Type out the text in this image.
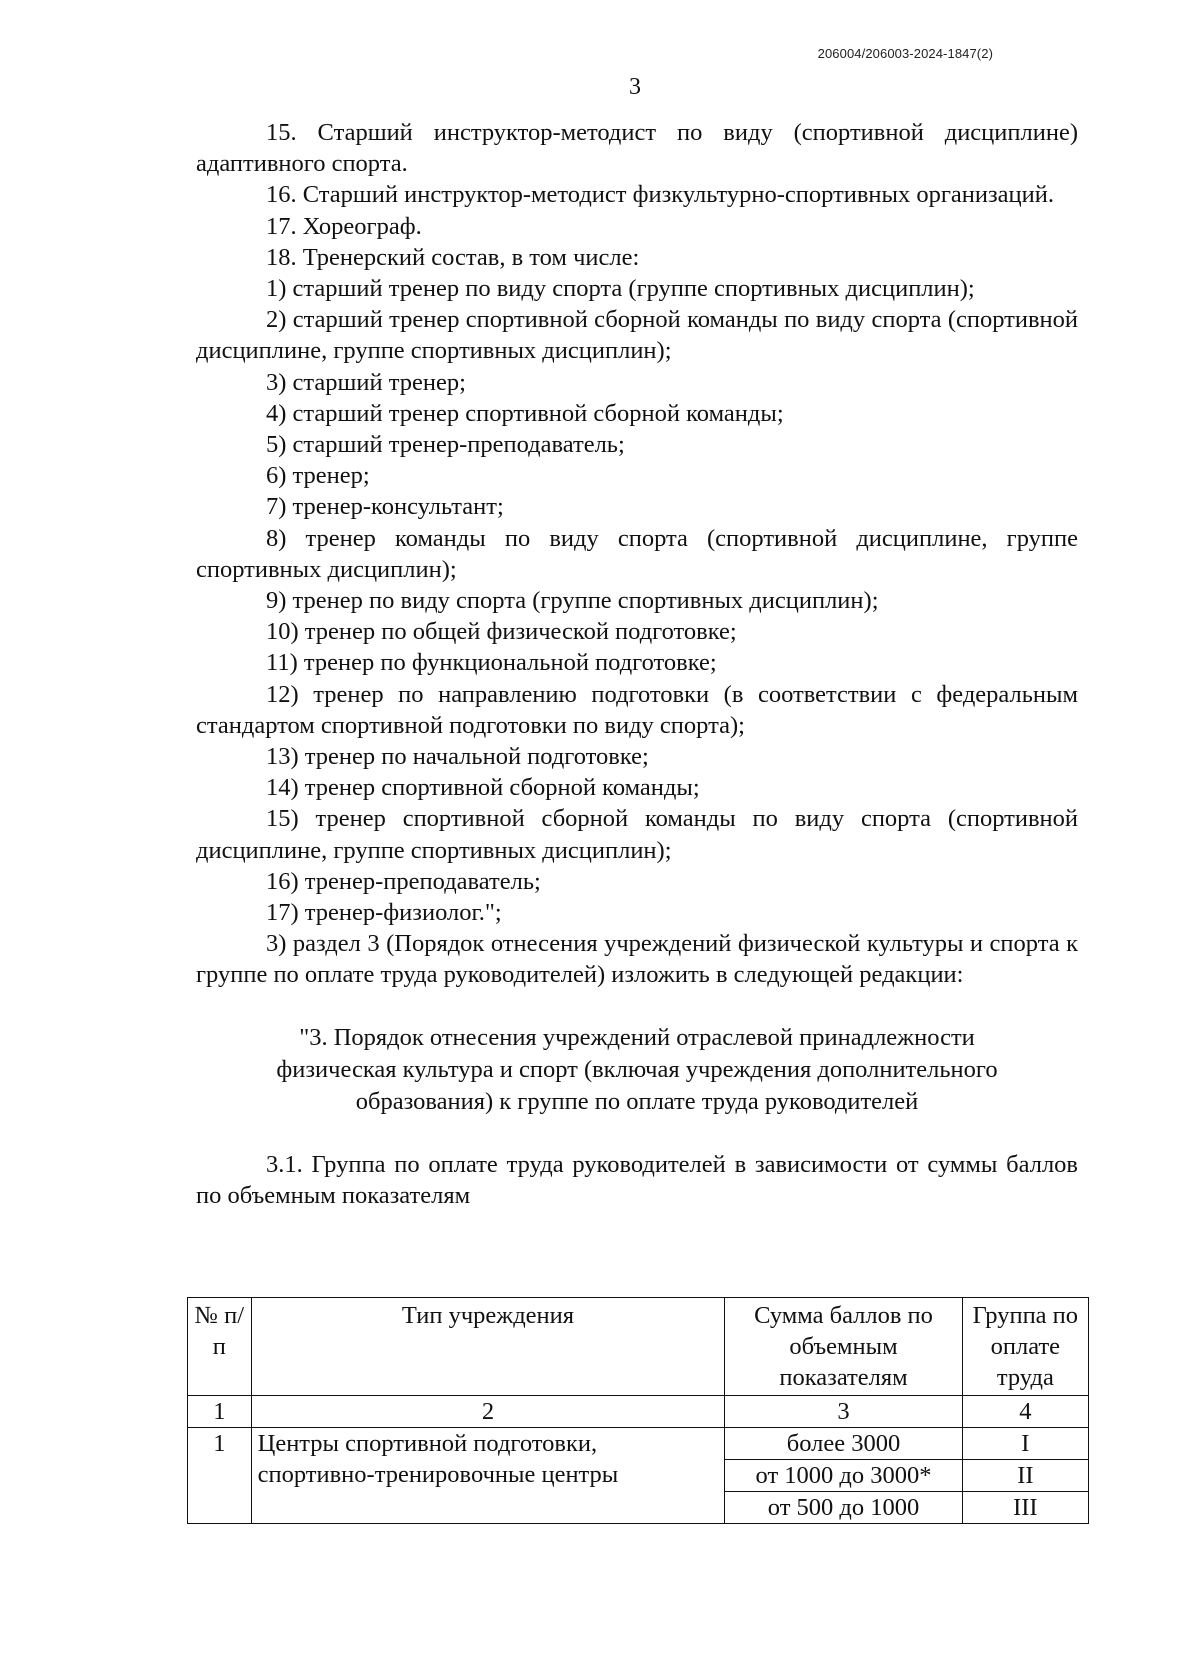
206004/206003-2024-1847(2)
3

15. Старший инструктор-методист по виду (спортивной дисциплине) адаптивного спорта.

16. Старший инструктор-методист физкультурно-спортивных организаций.

17. Хореограф.

18. Тренерский состав, в том числе:

1) старший тренер по виду спорта (группе спортивных дисциплин);

2) старший тренер спортивной сборной команды по виду спорта (спортивной дисциплине, группе спортивных дисциплин);

3) старший тренер;

4) старший тренер спортивной сборной команды;

5) старший тренер-преподаватель;

6) тренер;

7) тренер-консультант;

8) тренер команды по виду спорта (спортивной дисциплине, группе спортивных дисциплин);

9) тренер по виду спорта (группе спортивных дисциплин);

10) тренер по общей физической подготовке;

11) тренер по функциональной подготовке;

12) тренер по направлению подготовки (в соответствии с федеральным стандартом спортивной подготовки по виду спорта);

13) тренер по начальной подготовке;

14) тренер спортивной сборной команды;

15) тренер спортивной сборной команды по виду спорта (спортивной дисциплине, группе спортивных дисциплин);

16) тренер-преподаватель;

17) тренер-физиолог.";

3) раздел 3 (Порядок отнесения учреждений физической культуры и спорта к группе по оплате труда руководителей) изложить в следующей редакции:

"3. Порядок отнесения учреждений отраслевой принадлежности
физическая культура и спорт (включая учреждения дополнительного
образования) к группе по оплате труда руководителей

3.1. Группа по оплате труда руководителей в зависимости от суммы баллов по объемным показателям

№ п/п	Тип учреждения	Сумма баллов по объемным показателям	Группа по оплате труда
1	2	3	4
1	Центры спортивной подготовки, спортивно-тренировочные центры	более 3000	I
		от 1000 до 3000*	II
		от 500 до 1000	III
